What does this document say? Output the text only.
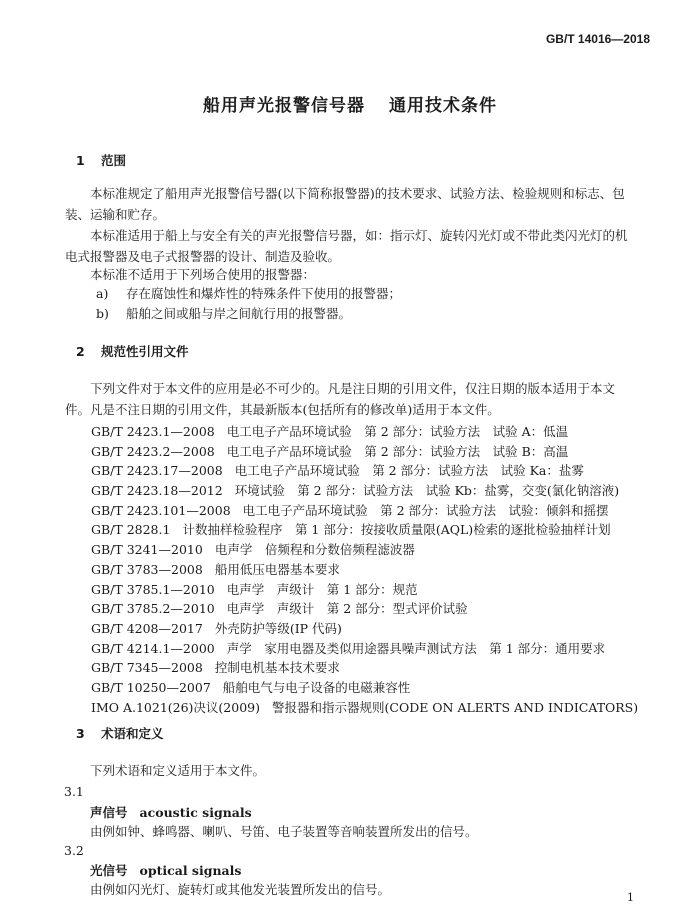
GB/T 14016—2018
船用声光报警信号器 通用技术条件
1 范围
本标准规定了船用声光报警信号器(以下简称报警器)的技术要求、试验方法、检验规则和标志、包装、运输和贮存。
本标准适用于船上与安全有关的声光报警信号器，如：指示灯、旋转闪光灯或不带此类闪光灯的机电式报警器及电子式报警器的设计、制造及验收。
本标准不适用于下列场合使用的报警器：
a) 存在腐蚀性和爆炸性的特殊条件下使用的报警器；
b) 船舶之间或船与岸之间航行用的报警器。
2 规范性引用文件
下列文件对于本文件的应用是必不可少的。凡是注日期的引用文件，仅注日期的版本适用于本文件。凡是不注日期的引用文件，其最新版本(包括所有的修改单)适用于本文件。
GB/T 2423.1—2008 电工电子产品环境试验　第 2 部分：试验方法　试验 A：低温
GB/T 2423.2—2008 电工电子产品环境试验　第 2 部分：试验方法　试验 B：高温
GB/T 2423.17—2008 电工电子产品环境试验　第 2 部分：试验方法　试验 Ka：盐雾
GB/T 2423.18—2012 环境试验　第 2 部分：试验方法　试验 Kb：盐雾，交变(氯化钠溶液)
GB/T 2423.101—2008 电工电子产品环境试验　第 2 部分：试验方法　试验：倾斜和摇摆
GB/T 2828.1 计数抽样检验程序　第 1 部分：按接收质量限(AQL)检索的逐批检验抽样计划
GB/T 3241—2010 电声学　倍频程和分数倍频程滤波器
GB/T 3783—2008 船用低压电器基本要求
GB/T 3785.1—2010 电声学　声级计　第 1 部分：规范
GB/T 3785.2—2010 电声学　声级计　第 2 部分：型式评价试验
GB/T 4208—2017 外壳防护等级(IP 代码)
GB/T 4214.1—2000 声学　家用电器及类似用途器具噪声测试方法　第 1 部分：通用要求
GB/T 7345—2008 控制电机基本技术要求
GB/T 10250—2007 船舶电气与电子设备的电磁兼容性
IMO A.1021(26)决议(2009) 警报器和指示器规则(CODE ON ALERTS AND INDICATORS)
3 术语和定义
下列术语和定义适用于本文件。
3.1
声信号 acoustic signals
由例如钟、蜂鸣器、喇叭、号笛、电子装置等音响装置所发出的信号。
3.2
光信号 optical signals
由例如闪光灯、旋转灯或其他发光装置所发出的信号。
1
